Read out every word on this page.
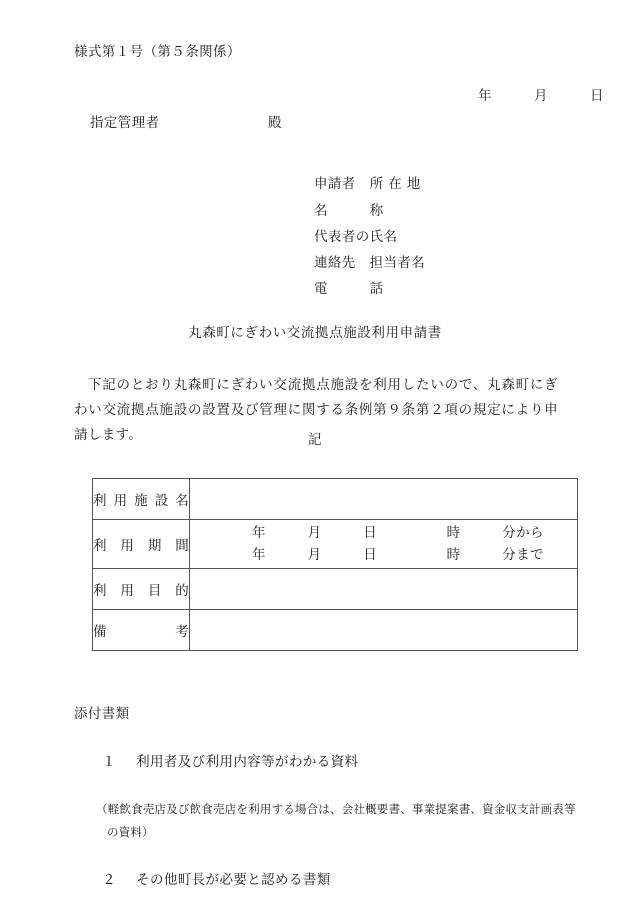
様式第１号（第５条関係）
年　　　月　　　日
指定管理者	殿
申請者　所 在 地
名　　　称
代表者の氏名
連絡先　担当者名
電　　　話
丸森町にぎわい交流拠点施設利用申請書
下記のとおり丸森町にぎわい交流拠点施設を利用したいので、丸森町にぎわい交流拠点施設の設置及び管理に関する条例第９条第２項の規定により申請します。	記
利用施設名	

利用期間	年　　　月　　　日　　　　　時　　　分から
年　　　月　　　日　　　　　時　　　分まで

利用目的	

備考	

添付書類

１ 利用者及び利用内容等がわかる資料

（軽飲食売店及び飲食売店を利用する場合は、会社概要書、事業提案書、資金収支計画表等
の資料）

２ その他町長が必要と認める書類
